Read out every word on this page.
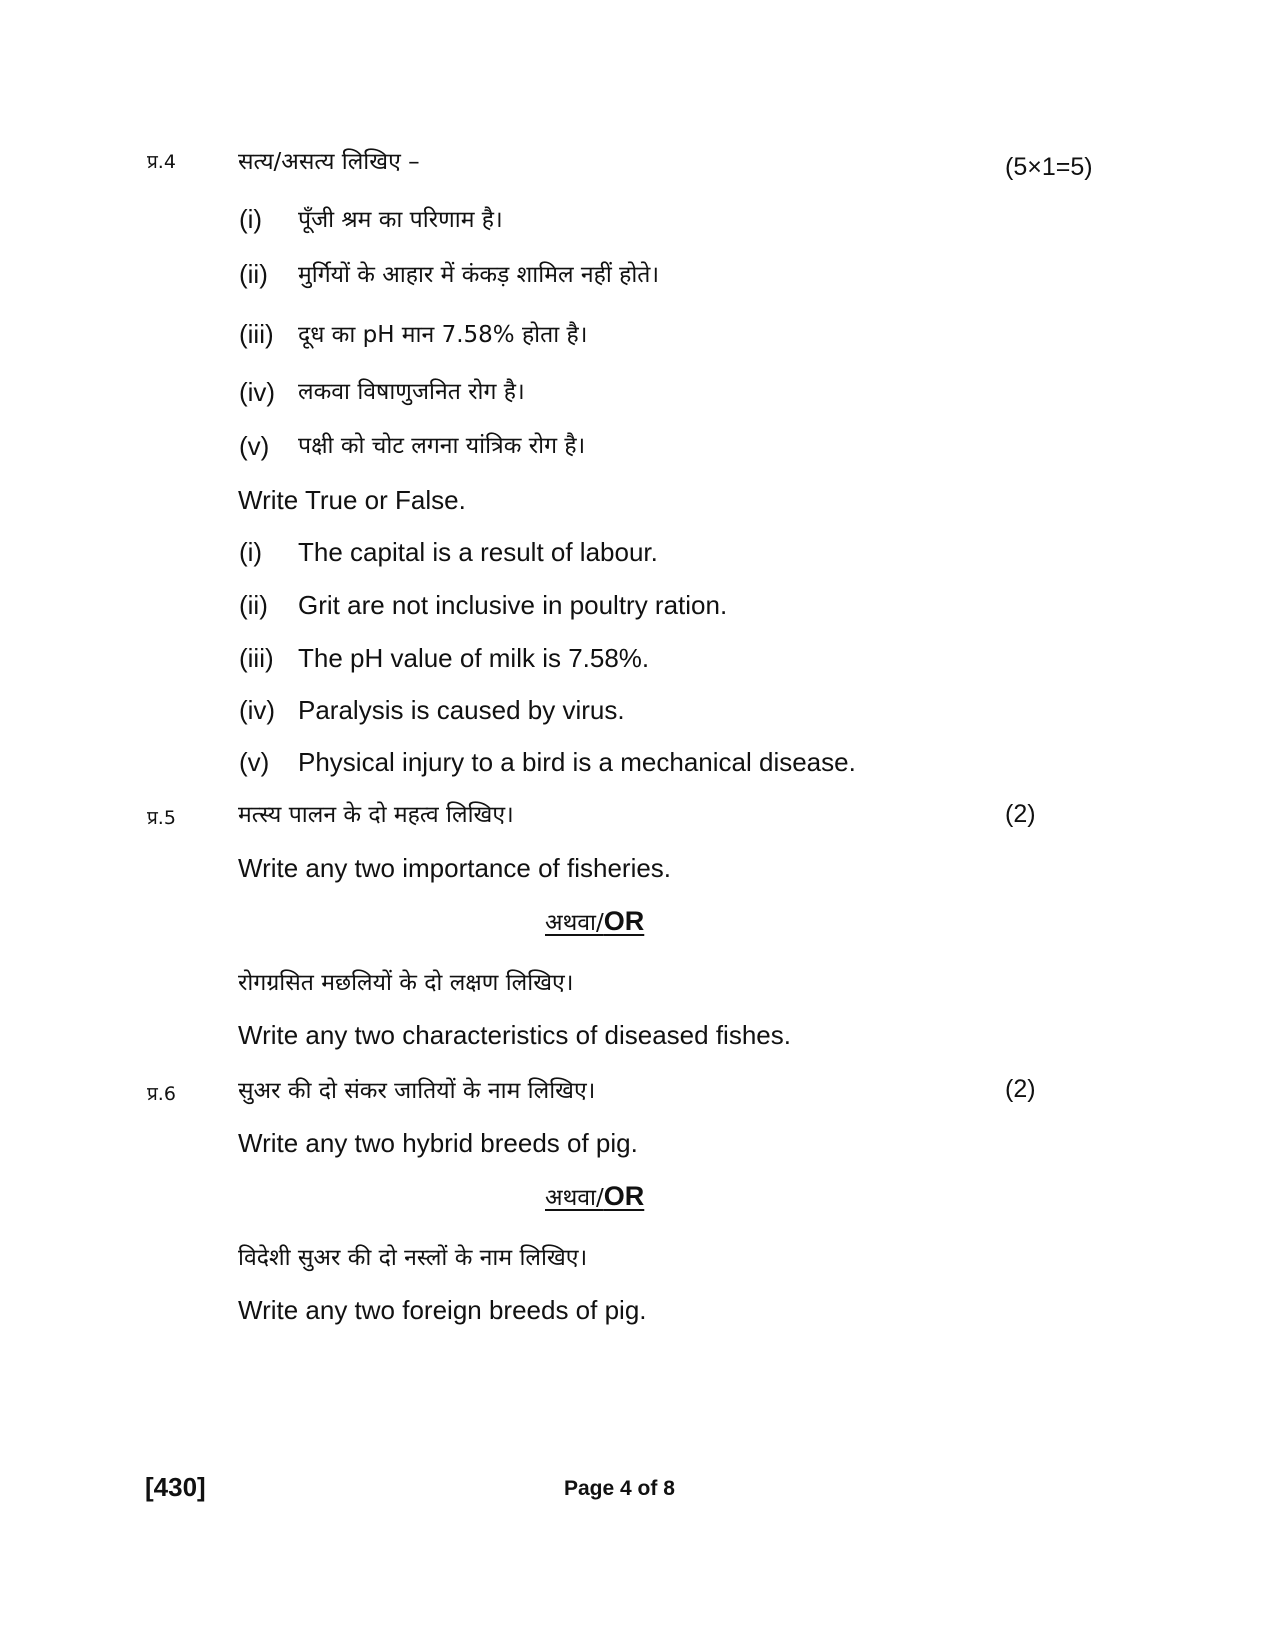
प्र.4	सत्य/असत्य लिखिए –	(5×1=5)
(i) पूँजी श्रम का परिणाम है।
(ii) मुर्गियों के आहार में कंकड़ शामिल नहीं होते।
(iii) दूध का pH मान 7.58% होता है।
(iv) लकवा विषाणुजनित रोग है।
(v) पक्षी को चोट लगना यांत्रिक रोग है।
Write True or False.
(i) The capital is a result of labour.
(ii) Grit are not inclusive in poultry ration.
(iii) The pH value of milk is 7.58%.
(iv) Paralysis is caused by virus.
(v) Physical injury to a bird is a mechanical disease.
प्र.5	मत्स्य पालन के दो महत्व लिखिए।	(2)
Write any two importance of fisheries.
अथवा/OR
रोगग्रसित मछलियों के दो लक्षण लिखिए।
Write any two characteristics of diseased fishes.
प्र.6	सुअर की दो संकर जातियों के नाम लिखिए।	(2)
Write any two hybrid breeds of pig.
अथवा/OR
विदेशी सुअर की दो नस्लों के नाम लिखिए।
Write any two foreign breeds of pig.
[430]	Page 4 of 8
